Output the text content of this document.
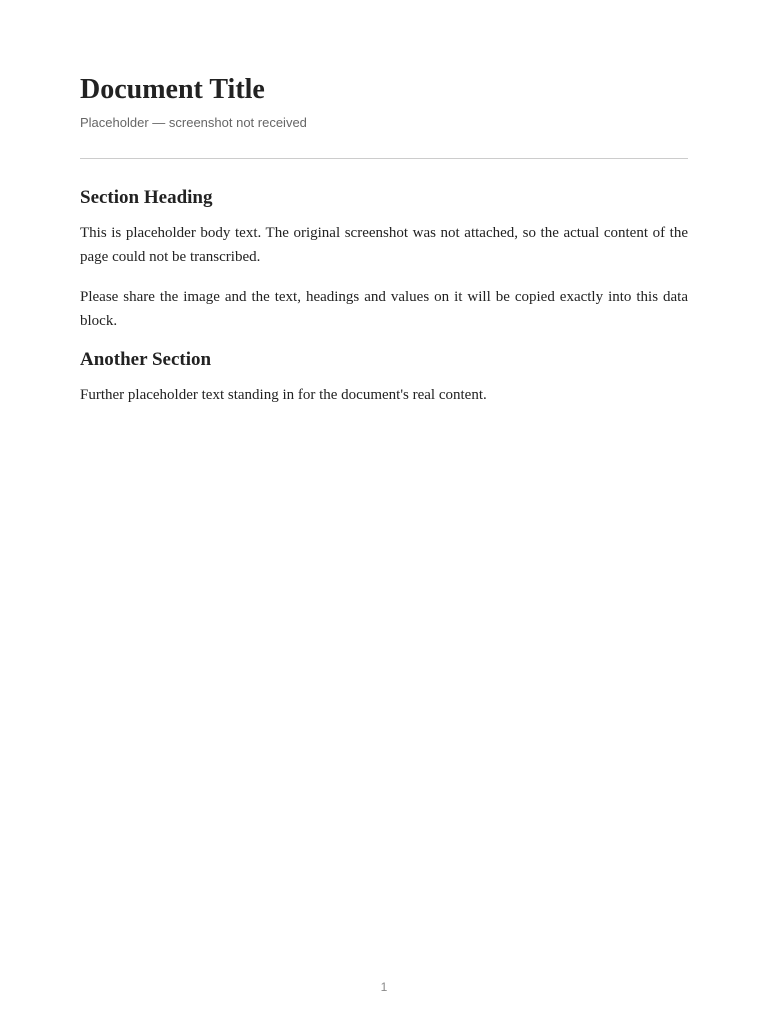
Document Title

Placeholder — screenshot not received

Section Heading

This is placeholder body text. The original screenshot was not attached, so the actual content of the page could not be transcribed.

Please share the image and the text, headings and values on it will be copied exactly into this data block.

Another Section

Further placeholder text standing in for the document's real content.

1
